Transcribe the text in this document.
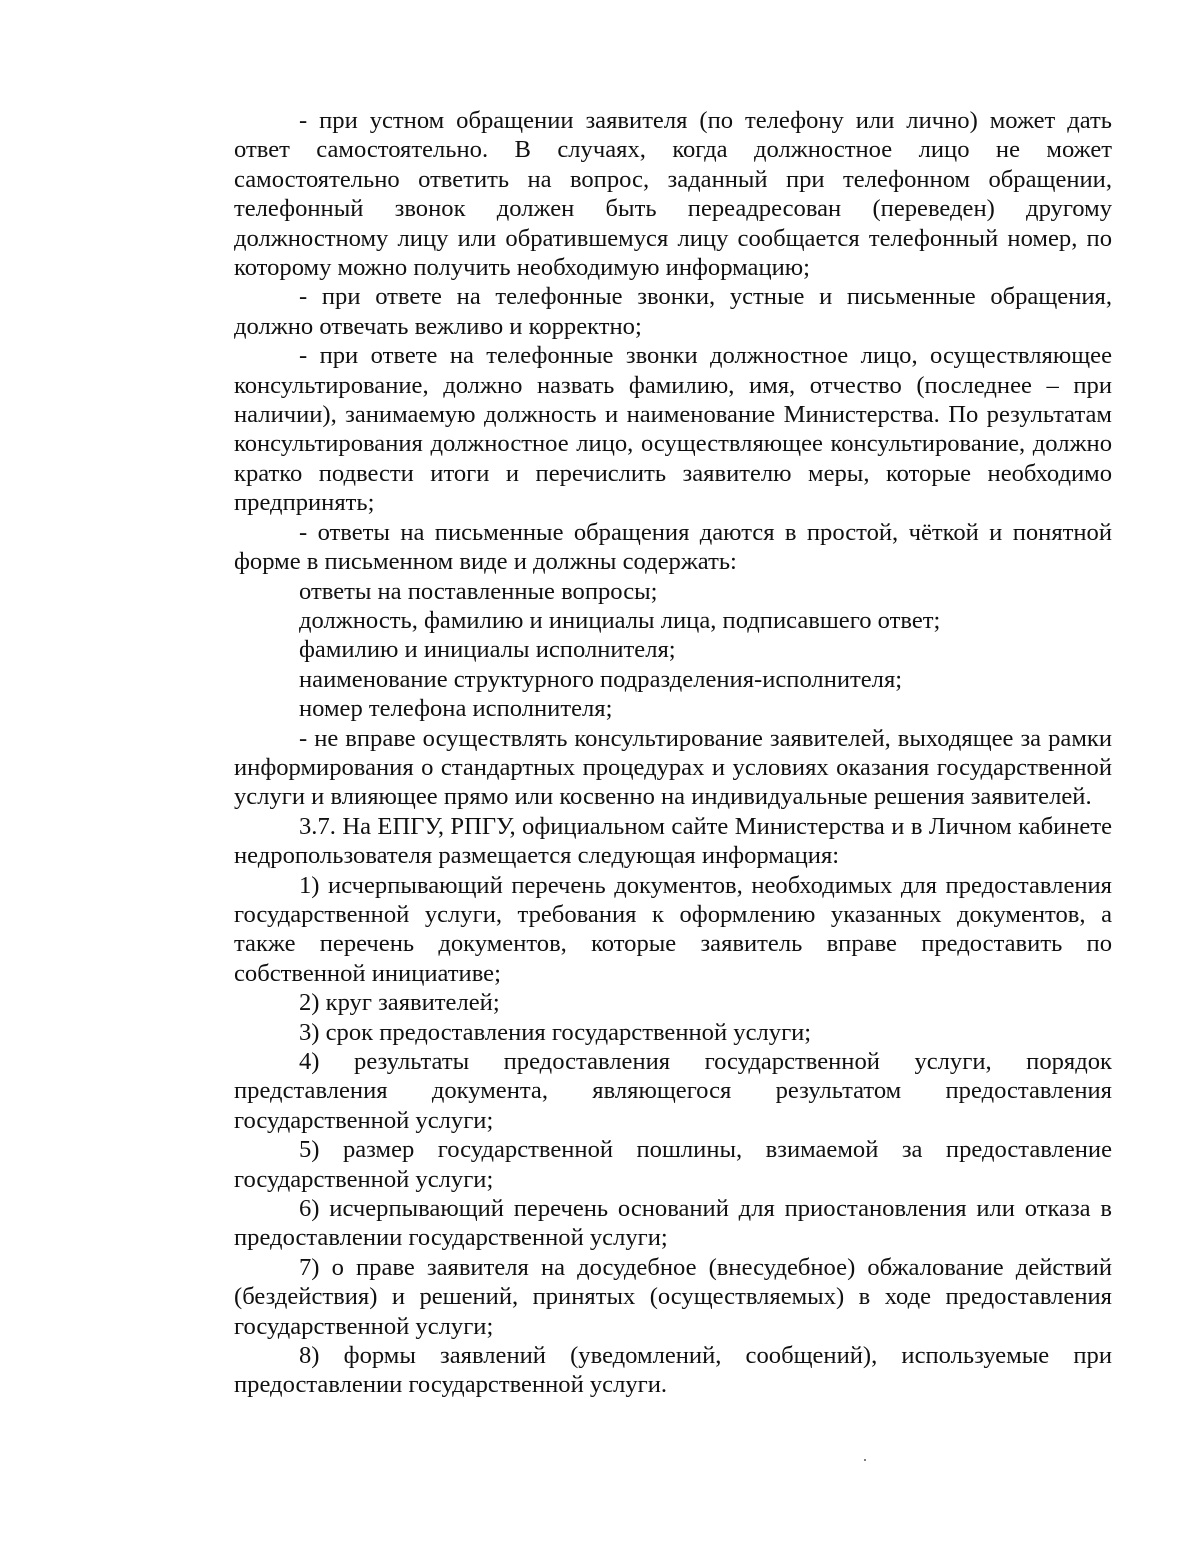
- при устном обращении заявителя (по телефону или лично) может дать ответ самостоятельно. В случаях, когда должностное лицо не может самостоятельно ответить на вопрос, заданный при телефонном обращении, телефонный звонок должен быть переадресован (переведен) другому должностному лицу или обратившемуся лицу сообщается телефонный номер, по которому можно получить необходимую информацию;

- при ответе на телефонные звонки, устные и письменные обращения, должно отвечать вежливо и корректно;

- при ответе на телефонные звонки должностное лицо, осуществляющее консультирование, должно назвать фамилию, имя, отчество (последнее – при наличии), занимаемую должность и наименование Министерства. По результатам консультирования должностное лицо, осуществляющее консультирование, должно кратко подвести итоги и перечислить заявителю меры, которые необходимо предпринять;

- ответы на письменные обращения даются в простой, чёткой и понятной форме в письменном виде и должны содержать:

ответы на поставленные вопросы;

должность, фамилию и инициалы лица, подписавшего ответ;

фамилию и инициалы исполнителя;

наименование структурного подразделения-исполнителя;

номер телефона исполнителя;

- не вправе осуществлять консультирование заявителей, выходящее за рамки информирования о стандартных процедурах и условиях оказания государственной услуги и влияющее прямо или косвенно на индивидуальные решения заявителей.

3.7. На ЕПГУ, РПГУ, официальном сайте Министерства и в Личном кабинете недропользователя размещается следующая информация:

1) исчерпывающий перечень документов, необходимых для предоставления государственной услуги, требования к оформлению указанных документов, а также перечень документов, которые заявитель вправе предоставить по собственной инициативе;

2) круг заявителей;

3) срок предоставления государственной услуги;

4) результаты предоставления государственной услуги, порядок представления документа, являющегося результатом предоставления государственной услуги;

5) размер государственной пошлины, взимаемой за предоставление государственной услуги;

6) исчерпывающий перечень оснований для приостановления или отказа в предоставлении государственной услуги;

7) о праве заявителя на досудебное (внесудебное) обжалование действий (бездействия) и решений, принятых (осуществляемых) в ходе предоставления государственной услуги;

8) формы заявлений (уведомлений, сообщений), используемые при предоставлении государственной услуги.
